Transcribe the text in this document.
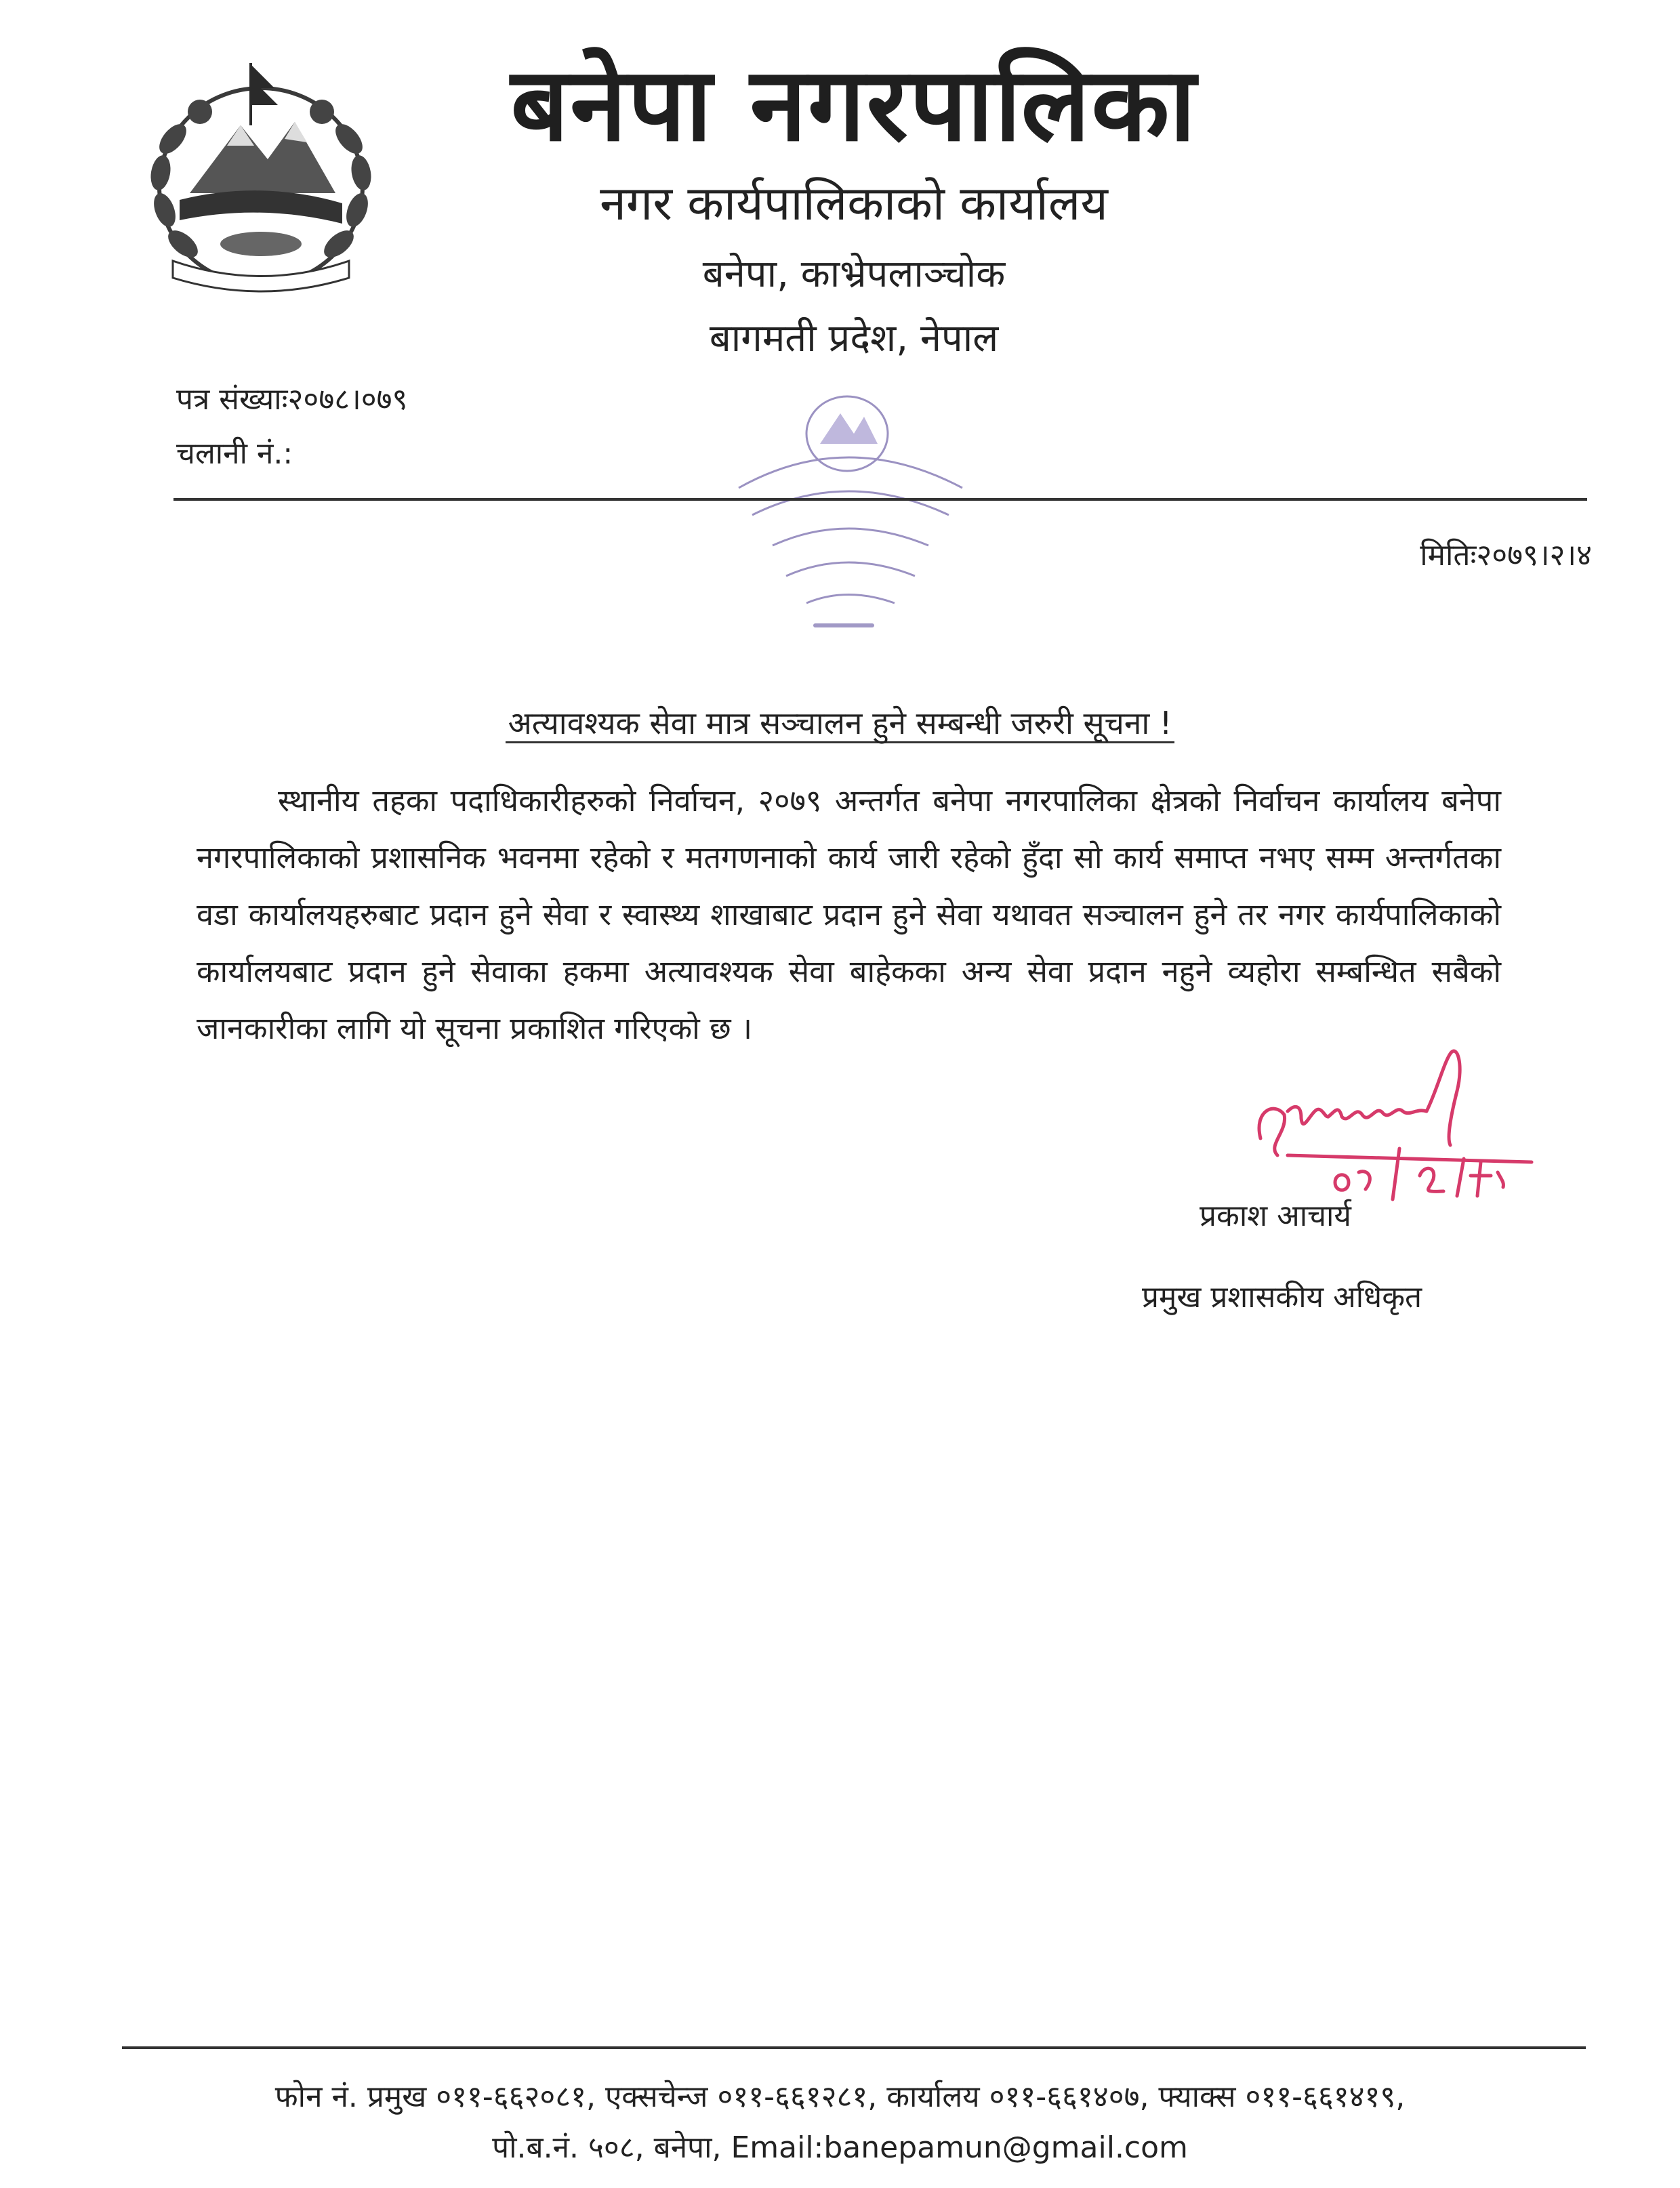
बनेपा नगरपालिका
नगर कार्यपालिकाको कार्यालय
बनेपा, काभ्रेपलाञ्चोक
बागमती प्रदेश, नेपाल
पत्र संख्याः२०७८।०७९
चलानी नं.:
मितिः२०७९।२।४
अत्यावश्यक सेवा मात्र सञ्चालन हुने सम्बन्धी जरुरी सूचना !
स्थानीय तहका पदाधिकारीहरुको निर्वाचन, २०७९ अन्तर्गत बनेपा नगरपालिका क्षेत्रको निर्वाचन कार्यालय बनेपा नगरपालिकाको प्रशासनिक भवनमा रहेको र मतगणनाको कार्य जारी रहेको हुँदा सो कार्य समाप्त नभए सम्म अन्तर्गतका वडा कार्यालयहरुबाट प्रदान हुने सेवा र स्वास्थ्य शाखाबाट प्रदान हुने सेवा यथावत सञ्चालन हुने तर नगर कार्यपालिकाको कार्यालयबाट प्रदान हुने सेवाका हकमा अत्यावश्यक सेवा बाहेकका अन्य सेवा प्रदान नहुने व्यहोरा सम्बन्धित सबैको जानकारीका लागि यो सूचना प्रकाशित गरिएको छ ।
प्रकाश आचार्य
प्रमुख प्रशासकीय अधिकृत
फोन नं. प्रमुख ०११-६६२०८१, एक्सचेन्ज ०११-६६१२८१, कार्यालय ०११-६६१४०७, फ्याक्स ०११-६६१४१९,
पो.ब.नं. ५०८, बनेपा, Email:banepamun@gmail.com
